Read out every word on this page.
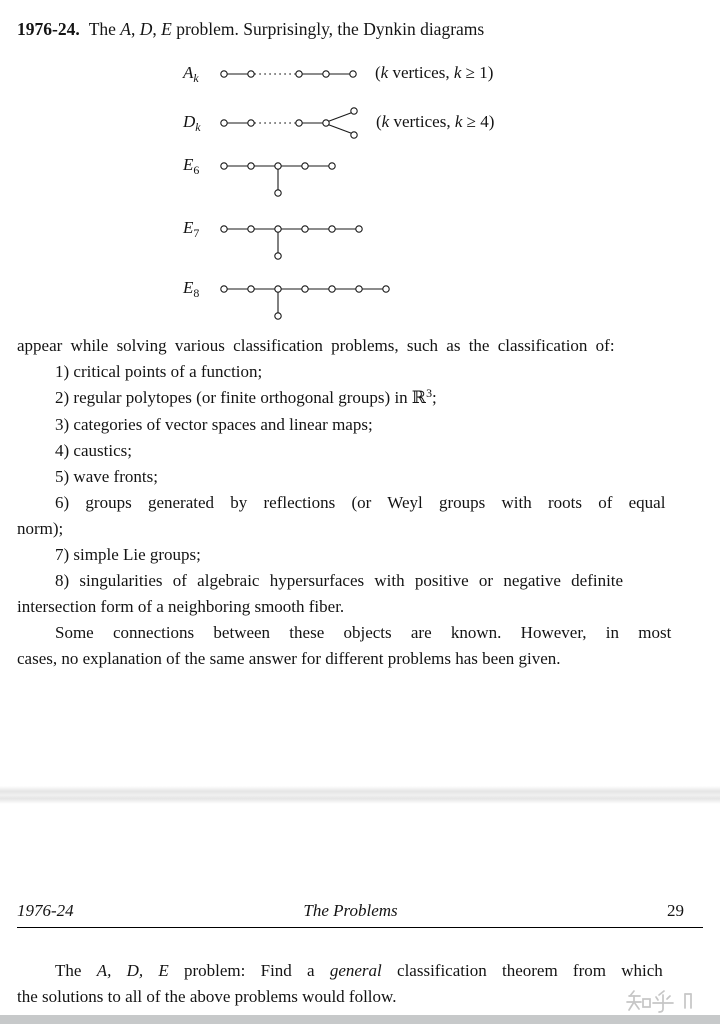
1976-24. The A, D, E problem. Surprisingly, the Dynkin diagrams

$A_k$	(k vertices, k ≥ 1)
$D_k$	(k vertices, k ≥ 4)
$E_6$
$E_7$
$E_8$

appear while solving various classification problems, such as the classification of:

1) critical points of a function;

2) regular polytopes (or finite orthogonal groups) in ℝ$^3$;

3) categories of vector spaces and linear maps;

4) caustics;

5) wave fronts;

6) groups generated by reflections (or Weyl groups with roots of equal
norm);

7) simple Lie groups;

8) singularities of algebraic hypersurfaces with positive or negative definite
intersection form of a neighboring smooth fiber.

Some connections between these objects are known. However, in most
cases, no explanation of the same answer for different problems has been given.

1976-24	The Problems	29

The A, D, E problem: Find a general classification theorem from which
the solutions to all of the above problems would follow.
